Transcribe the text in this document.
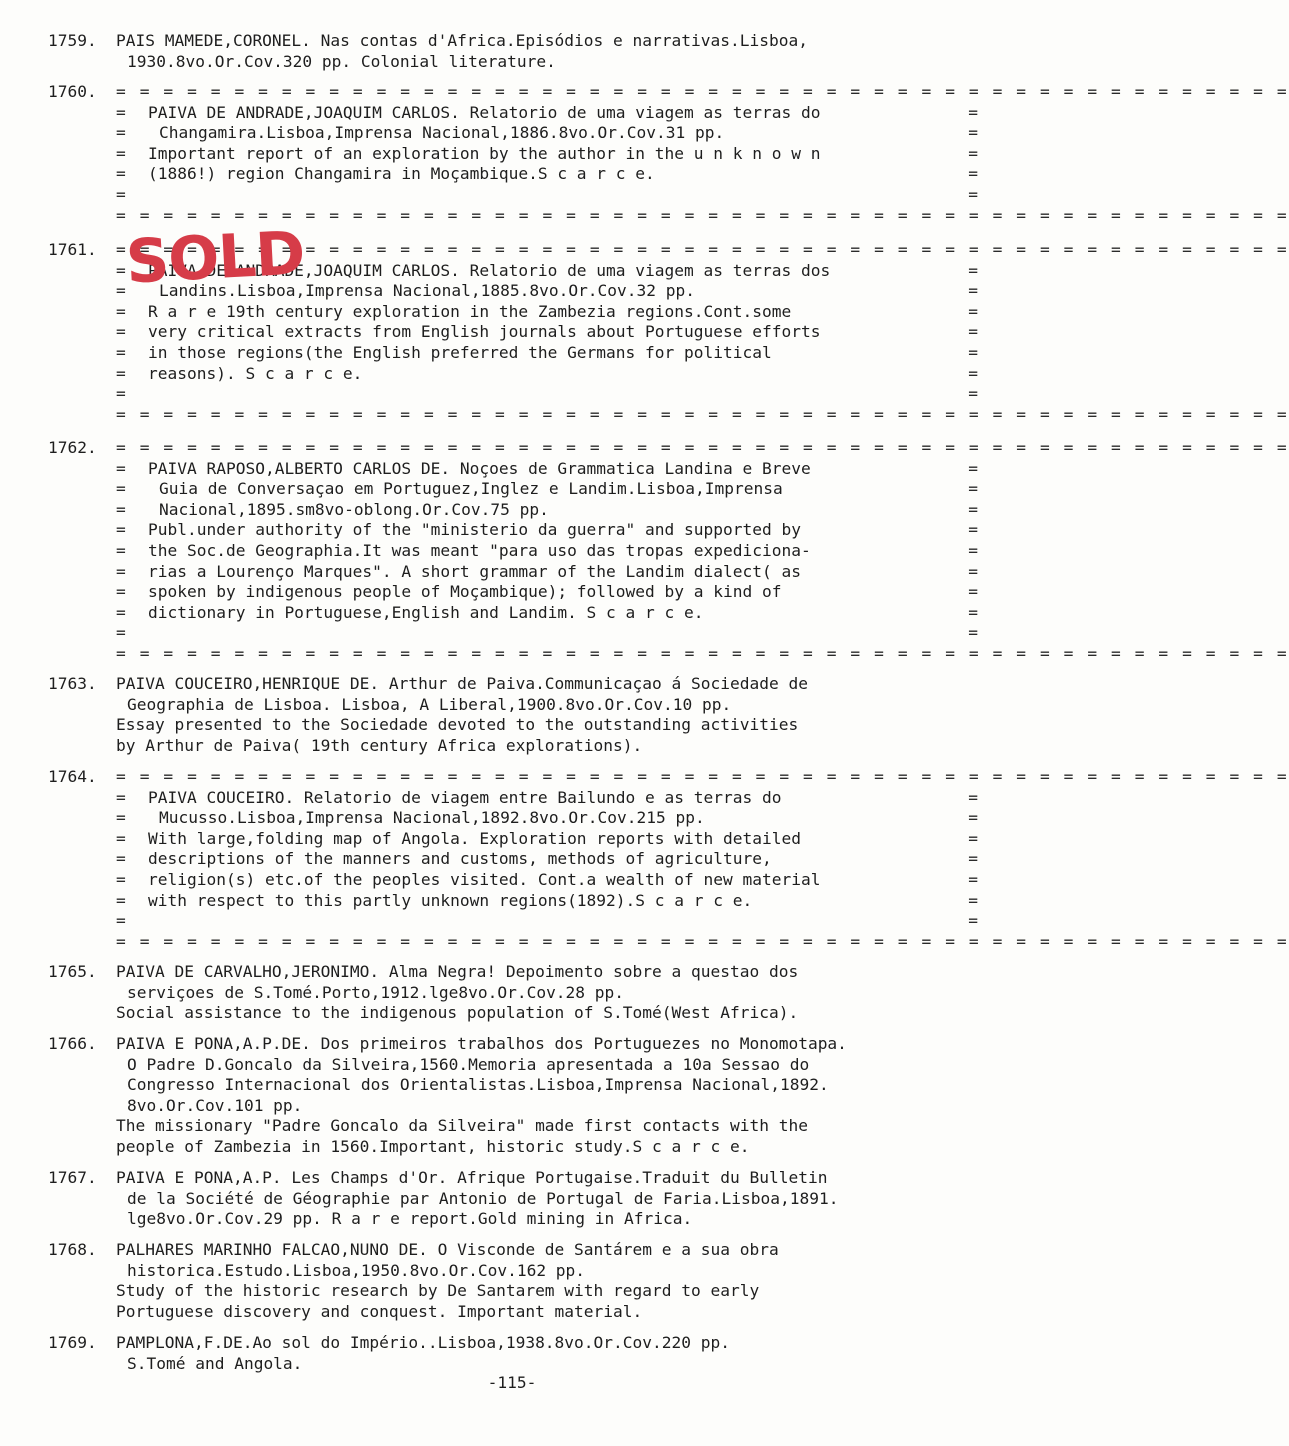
1759.	PAIS MAMEDE,CORONEL. Nas contas d'Africa.Episódios e narrativas.Lisboa,
1930.8vo.Or.Cov.320 pp. Colonial literature.
1760.	= = = = = = = = = = = = = = = = = = = = = = = = = = = = = = = = = = = = = = = = = = = = = = = = = =
=
=
=
=
=
PAIVA DE ANDRADE,JOAQUIM CARLOS. Relatorio de uma viagem as terras do
Changamira.Lisboa,Imprensa Nacional,1886.8vo.Or.Cov.31 pp.
Important report of an exploration by the author in the u n k n o w n
(1886!) region Changamira in Moçambique.S c a r c e.

=
=
=
=
=
= = = = = = = = = = = = = = = = = = = = = = = = = = = = = = = = = = = = = = = = = = = = = = = = = =
1761.	= = = = = = = = = = = = = = = = = = = = = = = = = = = = = = = = = = = = = = = = = = = = = = = = = =
=
=
=
=
=
=
=
PAIVA DE ANDRADE,JOAQUIM CARLOS. Relatorio de uma viagem as terras dos
Landins.Lisboa,Imprensa Nacional,1885.8vo.Or.Cov.32 pp.
R a r e 19th century exploration in the Zambezia regions.Cont.some
very critical extracts from English journals about Portuguese efforts
in those regions(the English preferred the Germans for political
reasons). S c a r c e.

=
=
=
=
=
=
=
= = = = = = = = = = = = = = = = = = = = = = = = = = = = = = = = = = = = = = = = = = = = = = = = = =
1762.	= = = = = = = = = = = = = = = = = = = = = = = = = = = = = = = = = = = = = = = = = = = = = = = = = =
=
=
=
=
=
=
=
=
=
PAIVA RAPOSO,ALBERTO CARLOS DE. Noçoes de Grammatica Landina e Breve
Guia de Conversaçao em Portuguez,Inglez e Landim.Lisboa,Imprensa
Nacional,1895.sm8vo-oblong.Or.Cov.75 pp.
Publ.under authority of the "ministerio da guerra" and supported by
the Soc.de Geographia.It was meant "para uso das tropas expediciona-
rias a Lourenço Marques". A short grammar of the Landim dialect( as
spoken by indigenous people of Moçambique); followed by a kind of
dictionary in Portuguese,English and Landim. S c a r c e.

=
=
=
=
=
=
=
=
=
= = = = = = = = = = = = = = = = = = = = = = = = = = = = = = = = = = = = = = = = = = = = = = = = = =
1763.	PAIVA COUCEIRO,HENRIQUE DE. Arthur de Paiva.Communicaçao á Sociedade de
Geographia de Lisboa. Lisboa, A Liberal,1900.8vo.Or.Cov.10 pp.
Essay presented to the Sociedade devoted to the outstanding activities
by Arthur de Paiva( 19th century Africa explorations).
1764.	= = = = = = = = = = = = = = = = = = = = = = = = = = = = = = = = = = = = = = = = = = = = = = = = = =
=
=
=
=
=
=
=
PAIVA COUCEIRO. Relatorio de viagem entre Bailundo e as terras do
Mucusso.Lisboa,Imprensa Nacional,1892.8vo.Or.Cov.215 pp.
With large,folding map of Angola. Exploration reports with detailed
descriptions of the manners and customs, methods of agriculture,
religion(s) etc.of the peoples visited. Cont.a wealth of new material
with respect to this partly unknown regions(1892).S c a r c e.

=
=
=
=
=
=
=
= = = = = = = = = = = = = = = = = = = = = = = = = = = = = = = = = = = = = = = = = = = = = = = = = =
1765.	PAIVA DE CARVALHO,JERONIMO. Alma Negra! Depoimento sobre a questao dos
serviçoes de S.Tomé.Porto,1912.lge8vo.Or.Cov.28 pp.
Social assistance to the indigenous population of S.Tomé(West Africa).
1766.	PAIVA E PONA,A.P.DE. Dos primeiros trabalhos dos Portuguezes no Monomotapa.
O Padre D.Goncalo da Silveira,1560.Memoria apresentada a 10a Sessao do
Congresso Internacional dos Orientalistas.Lisboa,Imprensa Nacional,1892.
8vo.Or.Cov.101 pp.
The missionary "Padre Goncalo da Silveira" made first contacts with the
people of Zambezia in 1560.Important, historic study.S c a r c e.
1767.	PAIVA E PONA,A.P. Les Champs d'Or. Afrique Portugaise.Traduit du Bulletin
de la Société de Géographie par Antonio de Portugal de Faria.Lisboa,1891.
lge8vo.Or.Cov.29 pp. R a r e report.Gold mining in Africa.
1768.	PALHARES MARINHO FALCAO,NUNO DE. O Visconde de Santárem e a sua obra
historica.Estudo.Lisboa,1950.8vo.Or.Cov.162 pp.
Study of the historic research by De Santarem with regard to early
Portuguese discovery and conquest. Important material.
1769.	PAMPLONA,F.DE.Ao sol do Império..Lisboa,1938.8vo.Or.Cov.220 pp.
S.Tomé and Angola.
SOLD
-115-
